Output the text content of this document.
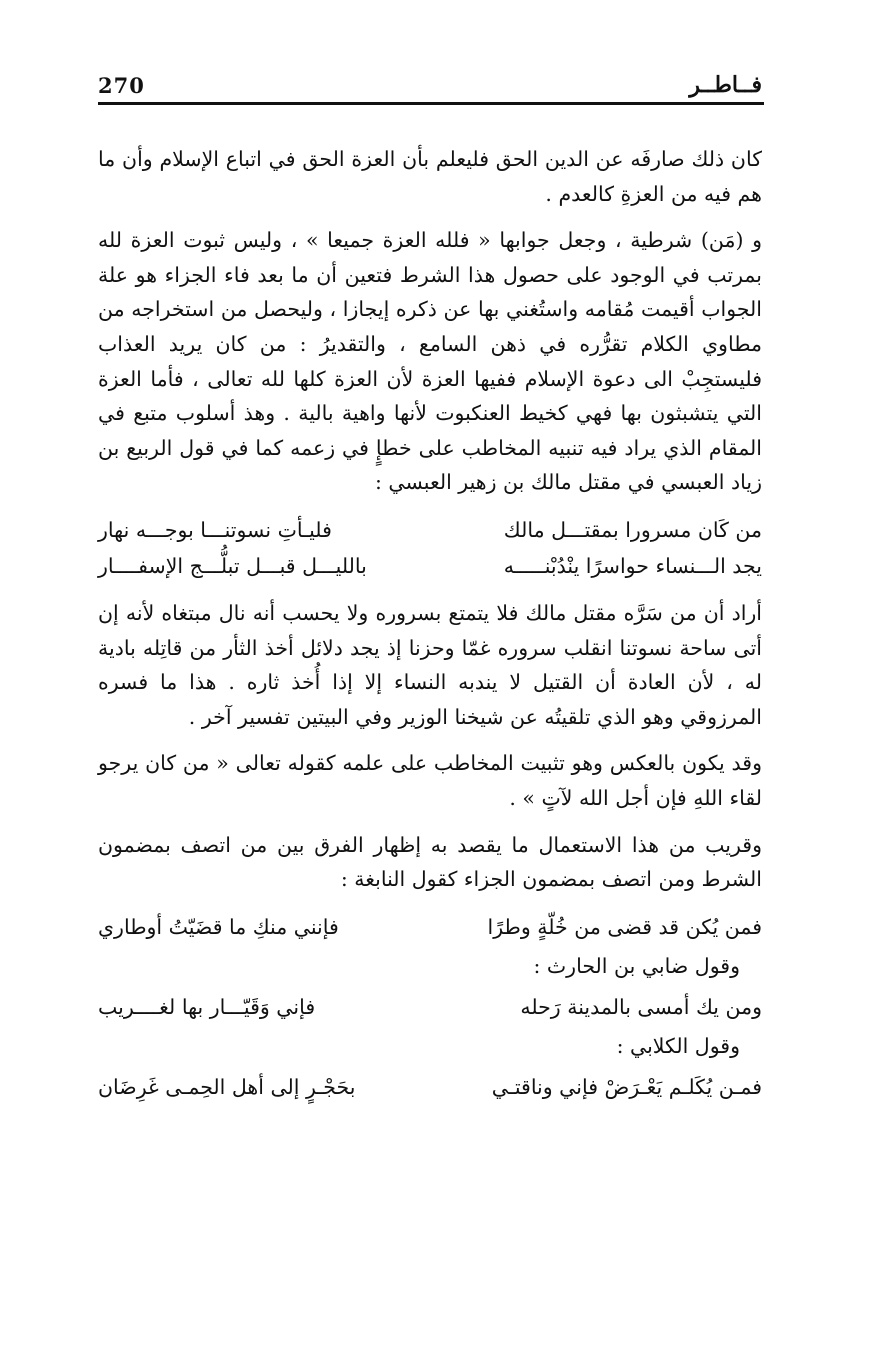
270	فــاطــر

كان ذلك صارفَه عن الدين الحق فليعلم بأن العزة الحق في اتباع الإسلام وأن ما هم فيه من العزةِ كالعدم .

و (مَن) شرطية ، وجعل جوابها « فلله العزة جميعا » ، وليس ثبوت العزة لله بمرتب في الوجود على حصول هذا الشرط فتعين أن ما بعد فاء الجزاء هو علة الجواب أقيمت مُقامه واستُغني بها عن ذكره إيجازا ، وليحصل من استخراجه من مطاوي الكلام تقرُّره في ذهن السامع ، والتقديرُ : من كان يريد العذاب فليستجِبْ الى دعوة الإسلام ففيها العزة لأن العزة كلها لله تعالى ، فأما العزة التي يتشبثون بها فهي كخيط العنكبوت لأنها واهية بالية . وهذ أسلوب متبع في المقام الذي يراد فيه تنبيه المخاطب على خطإٍ في زعمه كما في قول الربيع بن زياد العبسي في مقتل مالك بن زهير العبسي :

من كَان مسرورا بمقتـــل مالك
فليـأتِ نسوتنـــا بوجـــه نهار
يجد الـــنساء حواسرًا ينْدُبْنـــــه
بالليـــل قبـــل تبلُّـــج الإسفــــار

أراد أن من سَرَّه مقتل مالك فلا يتمتع بسروره ولا يحسب أنه نال مبتغاه لأنه إن أتى ساحة نسوتنا انقلب سروره غمّا وحزنا إذ يجد دلائل أخذ الثأر من قاتِله بادية له ، لأن العادة أن القتيل لا يندبه النساء إلا إذا أُخذ ثاره . هذا ما فسره المرزوقي وهو الذي تلقيتُه عن شيخنا الوزير وفي البيتين تفسير آخر .

وقد يكون بالعكس وهو تثبيت المخاطب على علمه كقوله تعالى « من كان يرجو لقاء اللهِ فإن أجل الله لآتٍ » .

وقريب من هذا الاستعمال ما يقصد به إظهار الفرق بين من اتصف بمضمون الشرط ومن اتصف بمضمون الجزاء كقول النابغة :

فمن يُكن قد قضى من خُلّةٍ وطرًا
فإنني منكِ ما قضَيّتُ أوطاري
وقول ضابي بن الحارث :
ومن يك أمسى بالمدينة رَحله
فإني وَقَيّـــار بها لغــــريب
وقول الكلابي :
فمـن يُكَلـم يَعْـرَضْ فإني وناقتـي
بحَجْـرٍ إلى أهل الحِمـى غَرِضَان
